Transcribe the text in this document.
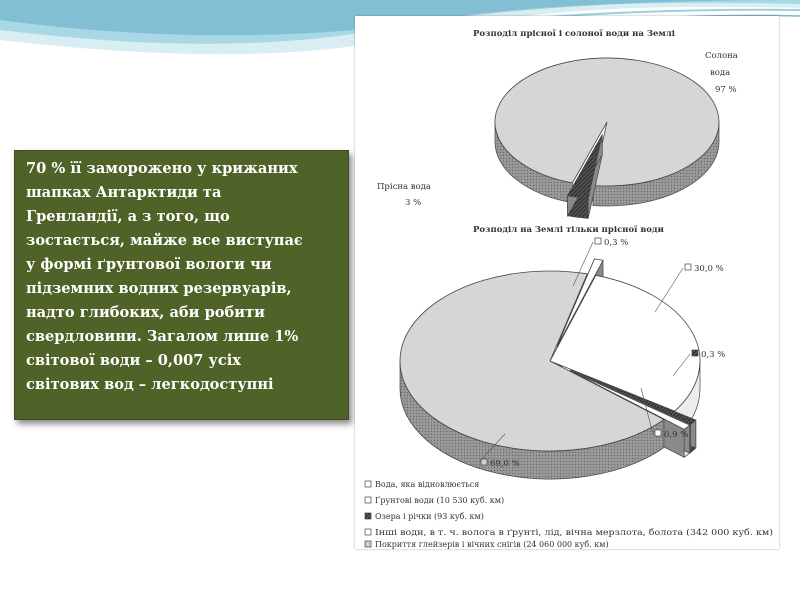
70 % її заморожено у крижаних

шапках Антарктиди та

Гренландії, а з того, що

зостається, майже все виступає

у формі ґрунтової вологи чи

підземних водних резервуарів,

надто глибоких, аби робити

свердловини. Загалом лише 1%

світової води – 0,007 усіх

світових вод – легкодоступні

Розподіл прісної і солоної води на Землі
Солона
вода
97 %
Прісна вода
3 %
Розподіл на Землі тільки прісної води
0,3 %
30,0 %
0,3 %
0,9 %
69,0 %
Вода, яка відновлюється
Ґрунтові води (10 530 куб. км)
Озера і річки (93 куб. км)
Інші води, в т. ч. волога в ґрунті, лід, вічна мерзлота, болота (342 000 куб. км)
Покриття глейзерів і вічних снігів (24 060 000 куб. км)
